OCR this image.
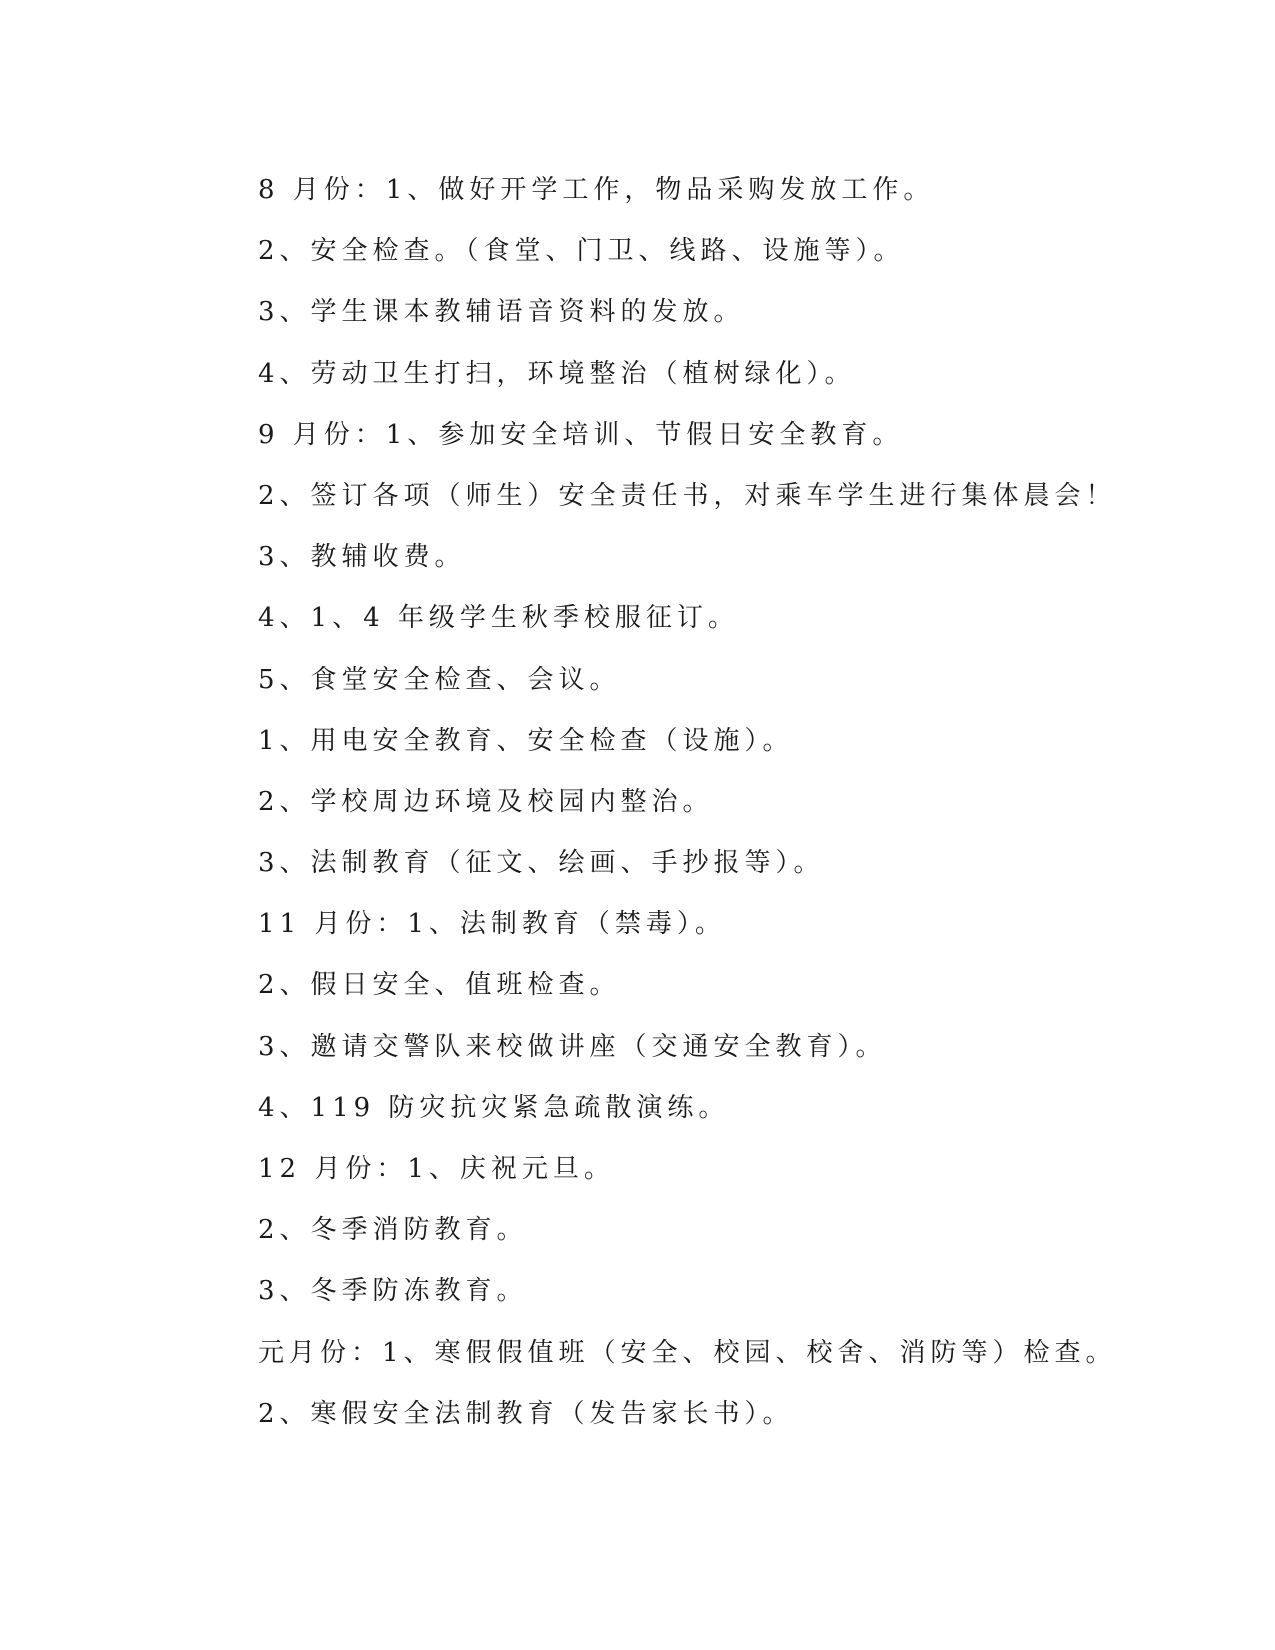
8 月份：1、做好开学工作，物品采购发放工作。
2、安全检查。（食堂、门卫、线路、设施等）。
3、学生课本教辅语音资料的发放。
4、劳动卫生打扫，环境整治（植树绿化）。
9 月份：1、参加安全培训、节假日安全教育。
2、签订各项（师生）安全责任书，对乘车学生进行集体晨会！
3、教辅收费。
4、1、4 年级学生秋季校服征订。
5、食堂安全检查、会议。
1、用电安全教育、安全检查（设施）。
2、学校周边环境及校园内整治。
3、法制教育（征文、绘画、手抄报等）。
11 月份：1、法制教育（禁毒）。
2、假日安全、值班检查。
3、邀请交警队来校做讲座（交通安全教育）。
4、119 防灾抗灾紧急疏散演练。
12 月份：1、庆祝元旦。
2、冬季消防教育。
3、冬季防冻教育。
元月份：1、寒假假值班（安全、校园、校舍、消防等）检查。
2、寒假安全法制教育（发告家长书）。
